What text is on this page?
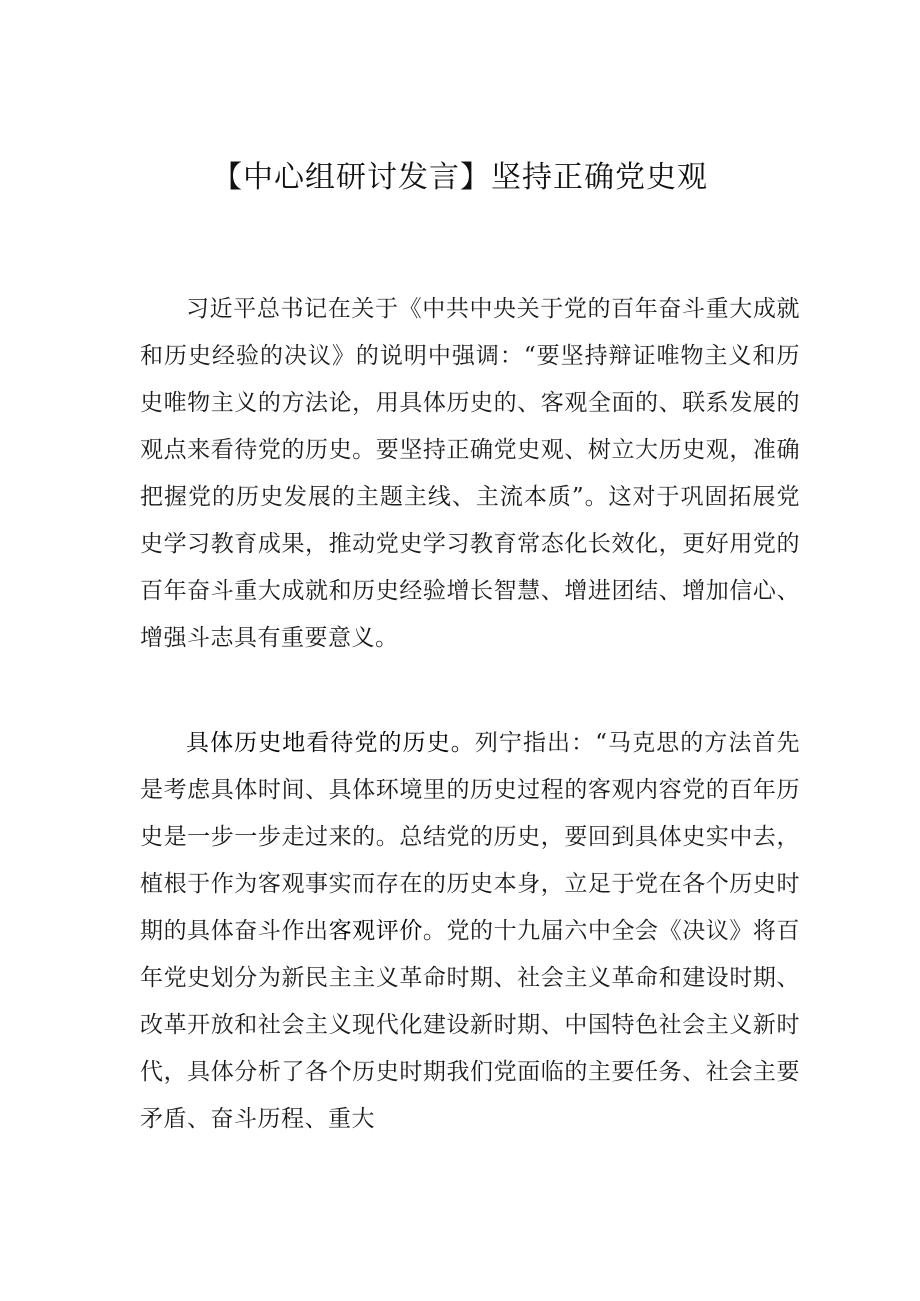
【中心组研讨发言】坚持正确党史观

习近平总书记在关于《中共中央关于党的百年奋斗重大成就和历史经验的决议》的说明中强调：“要坚持辩证唯物主义和历史唯物主义的方法论，用具体历史的、客观全面的、联系发展的观点来看待党的历史。要坚持正确党史观、树立大历史观，准确把握党的历史发展的主题主线、主流本质”。这对于巩固拓展党史学习教育成果，推动党史学习教育常态化长效化，更好用党的百年奋斗重大成就和历史经验增长智慧、增进团结、增加信心、增强斗志具有重要意义。

具体历史地看待党的历史。列宁指出：“马克思的方法首先是考虑具体时间、具体环境里的历史过程的客观内容党的百年历史是一步一步走过来的。总结党的历史，要回到具体史实中去，植根于作为客观事实而存在的历史本身，立足于党在各个历史时期的具体奋斗作出客观评价。党的十九届六中全会《决议》将百年党史划分为新民主主义革命时期、社会主义革命和建设时期、改革开放和社会主义现代化建设新时期、中国特色社会主义新时代，具体分析了各个历史时期我们党面临的主要任务、社会主要矛盾、奋斗历程、重大
